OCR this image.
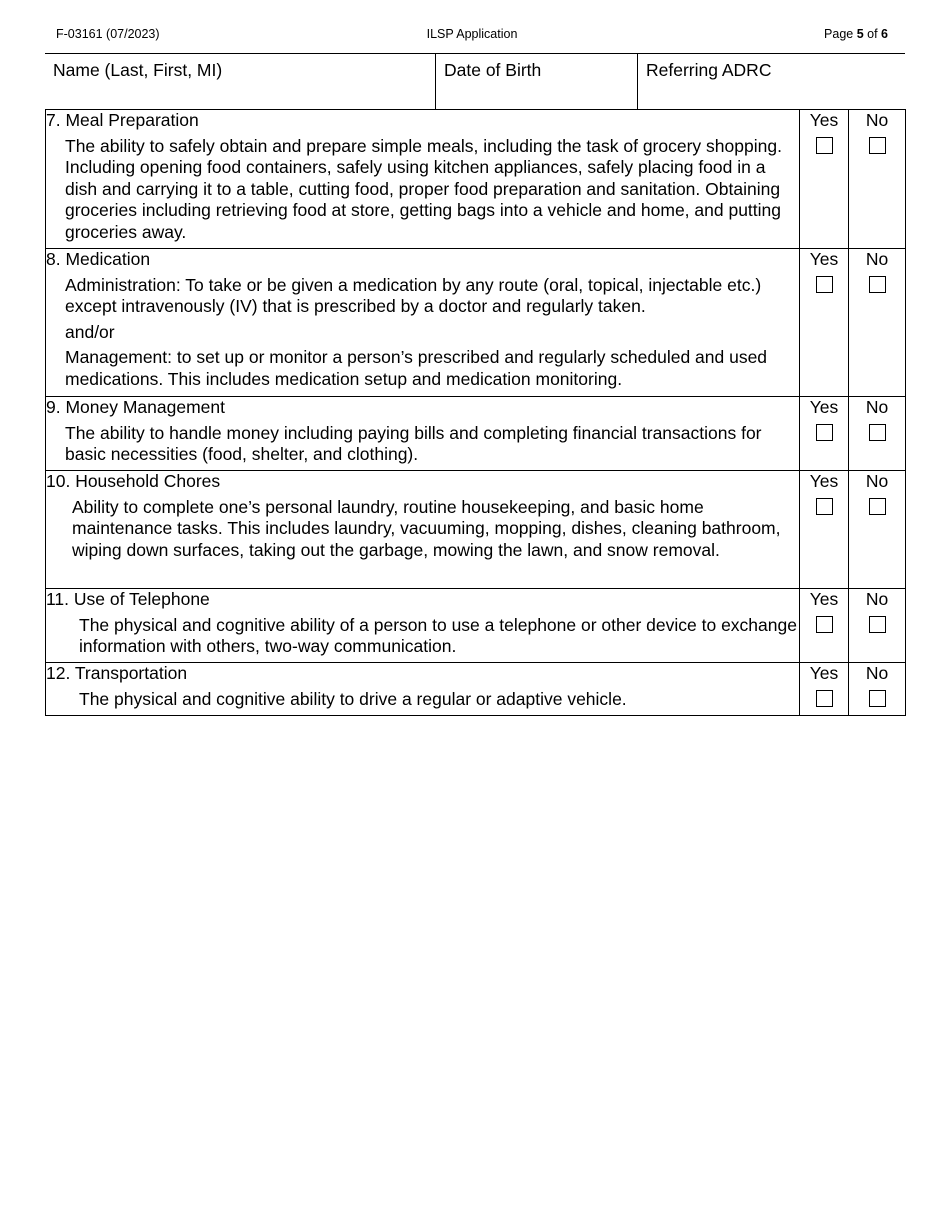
F-03161 (07/2023)	ILSP Application	Page 5 of 6
Name (Last, First, MI)	Date of Birth	Referring ADRC
7. Meal Preparation
The ability to safely obtain and prepare simple meals, including the task of grocery shopping. Including opening food containers, safely using kitchen appliances, safely placing food in a dish and carrying it to a table, cutting food, proper food preparation and sanitation. Obtaining groceries including retrieving food at store, getting bags into a vehicle and home, and putting groceries away.	Yes	No

8. Medication
Administration: To take or be given a medication by any route (oral, topical, injectable etc.) except intravenously (IV) that is prescribed by a doctor and regularly taken.
and/or
Management: to set up or monitor a person’s prescribed and regularly scheduled and used medications. This includes medication setup and medication monitoring.	Yes	No

9. Money Management
The ability to handle money including paying bills and completing financial transactions for basic necessities (food, shelter, and clothing).	Yes	No

10. Household Chores
Ability to complete one’s personal laundry, routine housekeeping, and basic home maintenance tasks. This includes laundry, vacuuming, mopping, dishes, cleaning bathroom, wiping down surfaces, taking out the garbage, mowing the lawn, and snow removal.	Yes	No

11. Use of Telephone
The physical and cognitive ability of a person to use a telephone or other device to exchange information with others, two-way communication.	Yes	No

12. Transportation
The physical and cognitive ability to drive a regular or adaptive vehicle.	Yes	No
